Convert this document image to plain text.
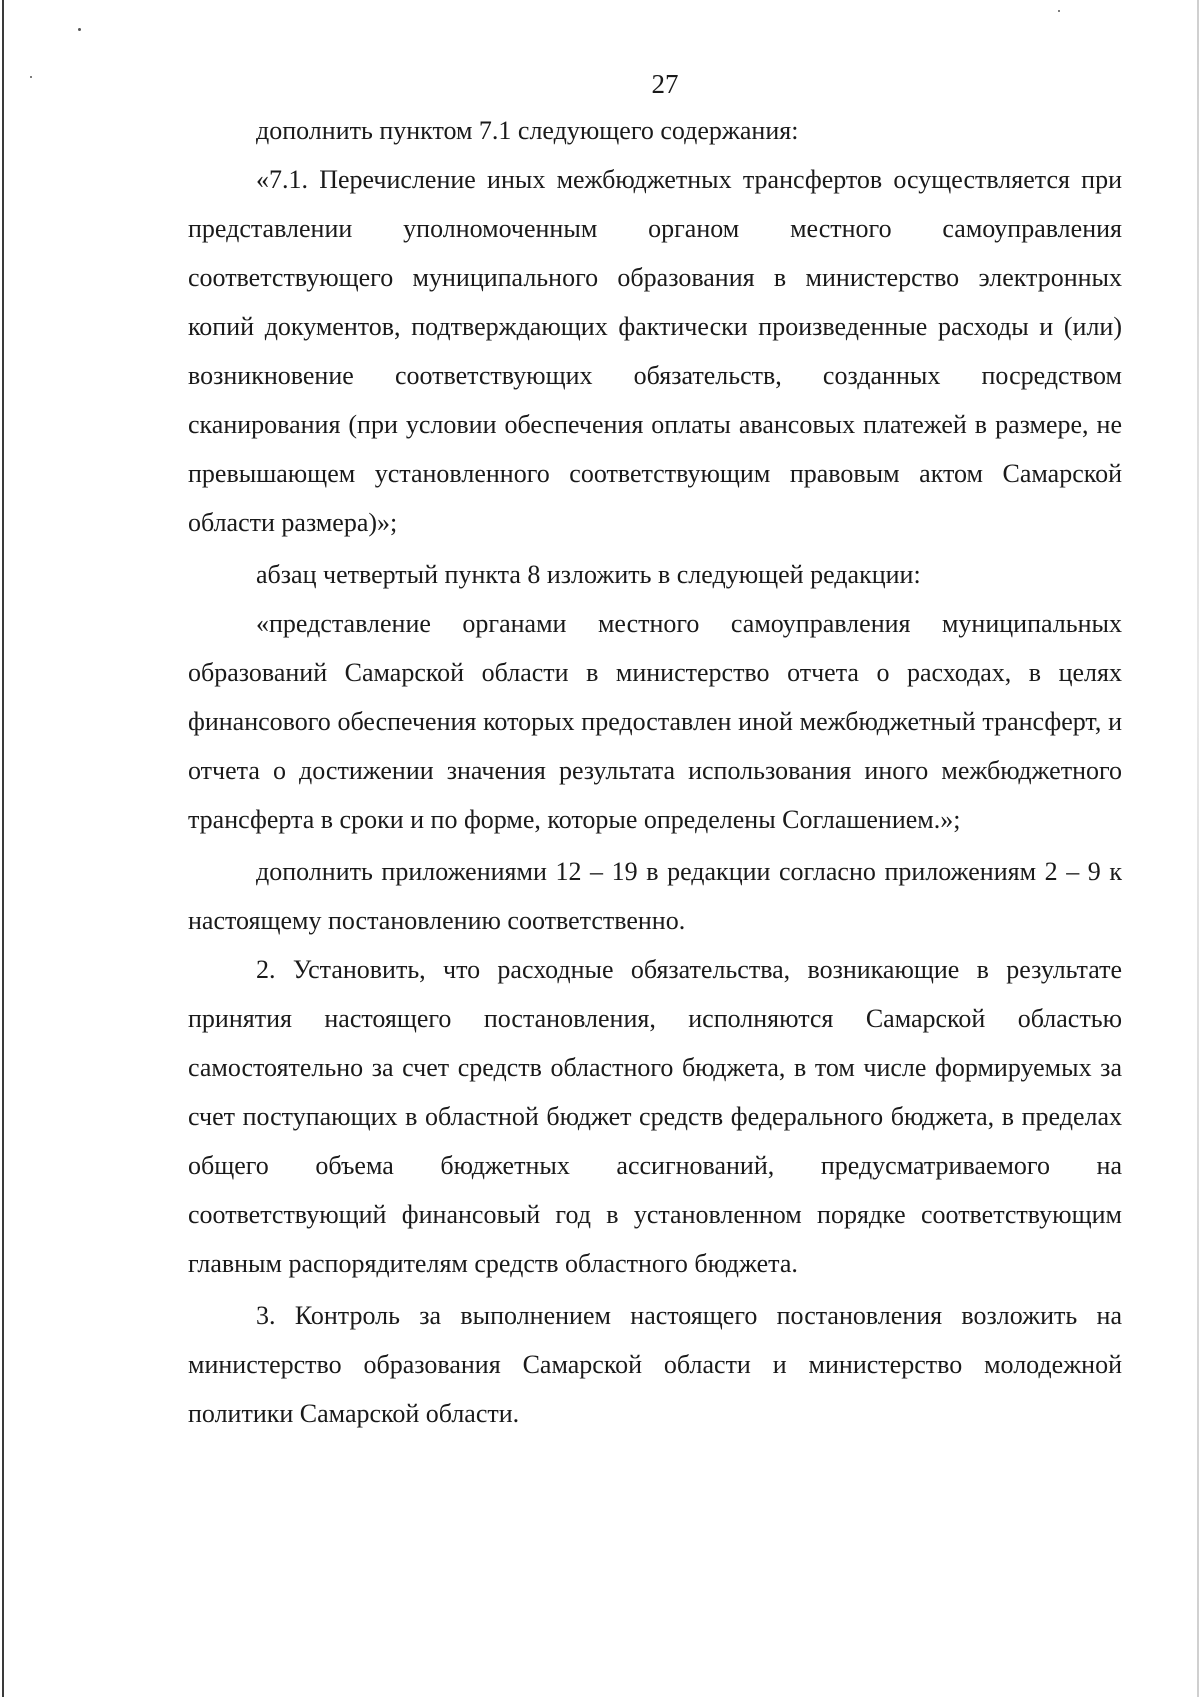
27

дополнить пунктом 7.1 следующего содержания:

«7.1. Перечисление иных межбюджетных трансфертов осуществляется при представлении уполномоченным органом местного самоуправления соответствующего муниципального образования в министерство электронных копий документов, подтверждающих фактически произведенные расходы и (или) возникновение соответствующих обязательств, созданных посредством сканирования (при условии обеспечения оплаты авансовых платежей в размере, не превышающем установленного соответствующим правовым актом Самарской области размера)»;

абзац четвертый пункта 8 изложить в следующей редакции:

«представление органами местного самоуправления муниципальных образований Самарской области в министерство отчета о расходах, в целях финансового обеспечения которых предоставлен иной межбюджетный трансферт, и отчета о достижении значения результата использования иного межбюджетного трансферта в сроки и по форме, которые определены Соглашением.»;

дополнить приложениями 12 – 19 в редакции согласно приложениям 2 – 9 к настоящему постановлению соответственно.

2. Установить, что расходные обязательства, возникающие в результате принятия настоящего постановления, исполняются Самарской областью самостоятельно за счет средств областного бюджета, в том числе формируемых за счет поступающих в областной бюджет средств федерального бюджета, в пределах общего объема бюджетных ассигнований, предусматриваемого на соответствующий финансовый год в установленном порядке соответствующим главным распорядителям средств областного бюджета.

3. Контроль за выполнением настоящего постановления возложить на министерство образования Самарской области и министерство молодежной политики Самарской области.
